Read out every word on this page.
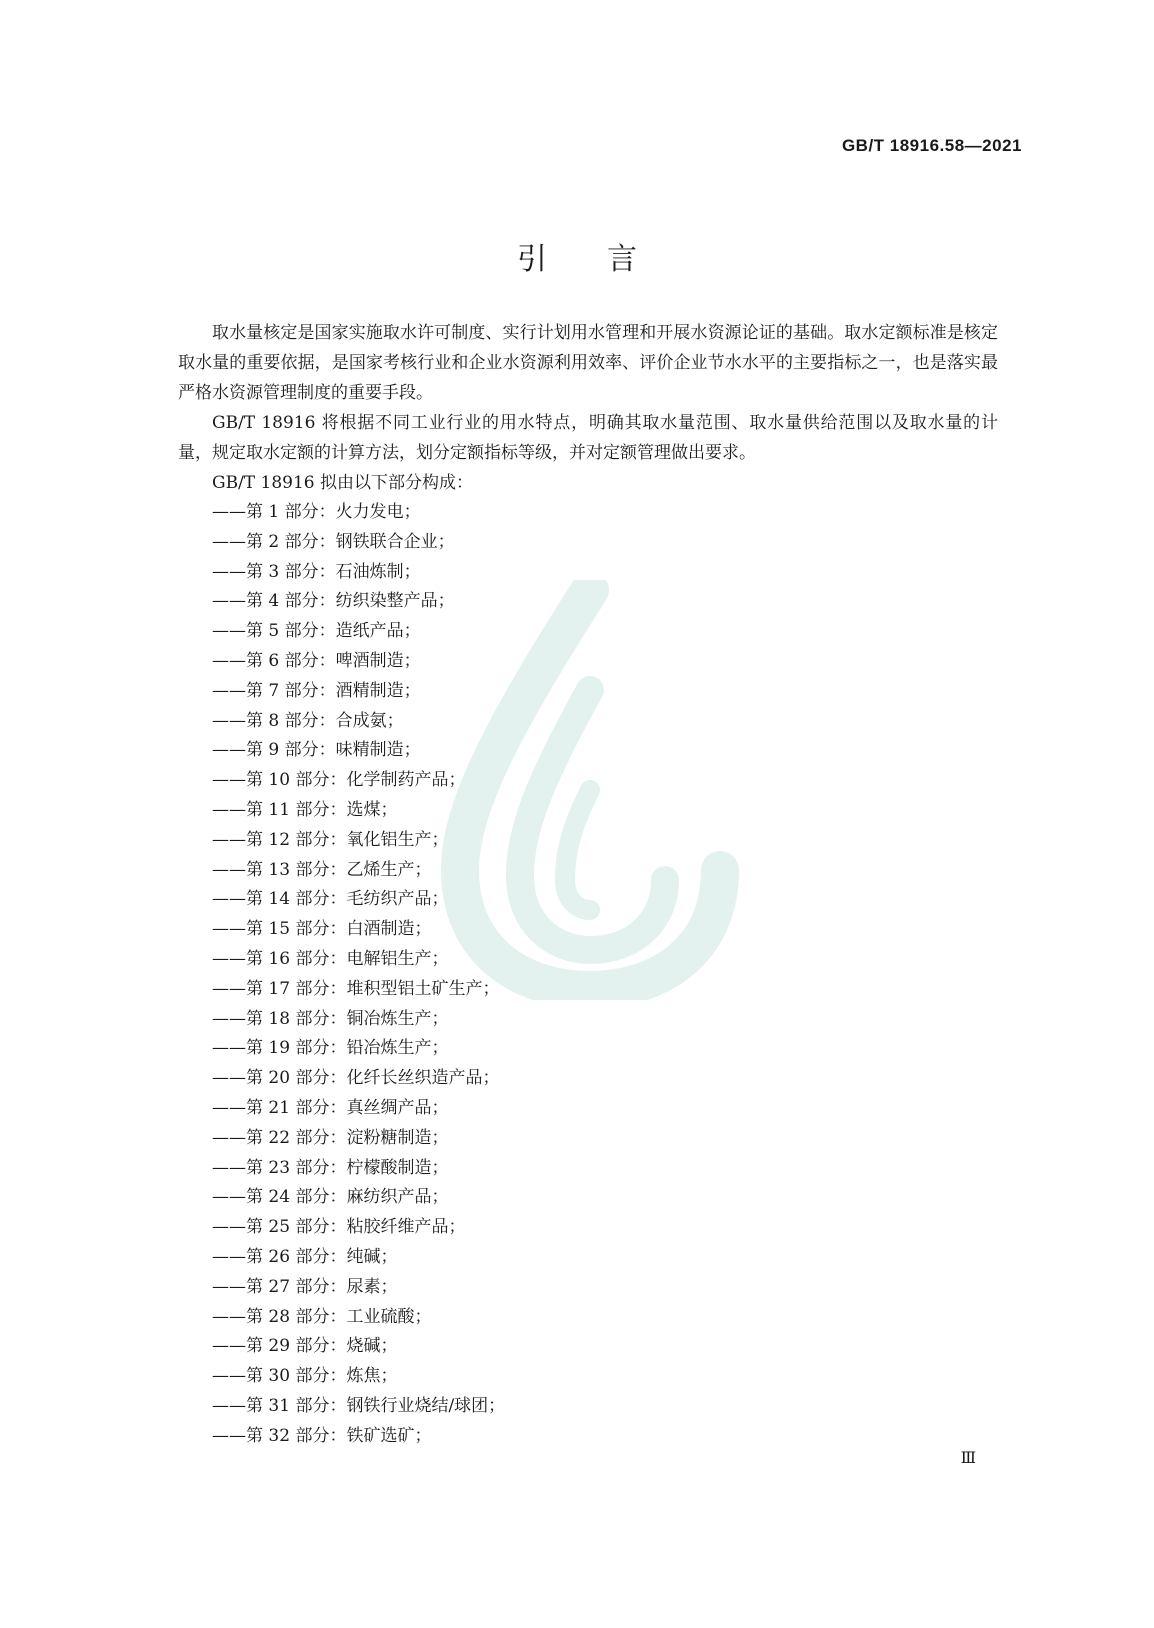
GB/T 18916.58—2021
引言

取水量核定是国家实施取水许可制度、实行计划用水管理和开展水资源论证的基础。取水定额标准是核定取水量的重要依据，是国家考核行业和企业水资源利用效率、评价企业节水水平的主要指标之一，也是落实最严格水资源管理制度的重要手段。

GB/T 18916 将根据不同工业行业的用水特点，明确其取水量范围、取水量供给范围以及取水量的计量，规定取水定额的计算方法，划分定额指标等级，并对定额管理做出要求。

GB/T 18916 拟由以下部分构成：

——第 1 部分：火力发电；
——第 2 部分：钢铁联合企业；
——第 3 部分：石油炼制；
——第 4 部分：纺织染整产品；
——第 5 部分：造纸产品；
——第 6 部分：啤酒制造；
——第 7 部分：酒精制造；
——第 8 部分：合成氨；
——第 9 部分：味精制造；
——第 10 部分：化学制药产品；
——第 11 部分：选煤；
——第 12 部分：氧化铝生产；
——第 13 部分：乙烯生产；
——第 14 部分：毛纺织产品；
——第 15 部分：白酒制造；
——第 16 部分：电解铝生产；
——第 17 部分：堆积型铝土矿生产；
——第 18 部分：铜冶炼生产；
——第 19 部分：铅冶炼生产；
——第 20 部分：化纤长丝织造产品；
——第 21 部分：真丝绸产品；
——第 22 部分：淀粉糖制造；
——第 23 部分：柠檬酸制造；
——第 24 部分：麻纺织产品；
——第 25 部分：粘胶纤维产品；
——第 26 部分：纯碱；
——第 27 部分：尿素；
——第 28 部分：工业硫酸；
——第 29 部分：烧碱；
——第 30 部分：炼焦；
——第 31 部分：钢铁行业烧结/球团；
——第 32 部分：铁矿选矿；
Ⅲ
